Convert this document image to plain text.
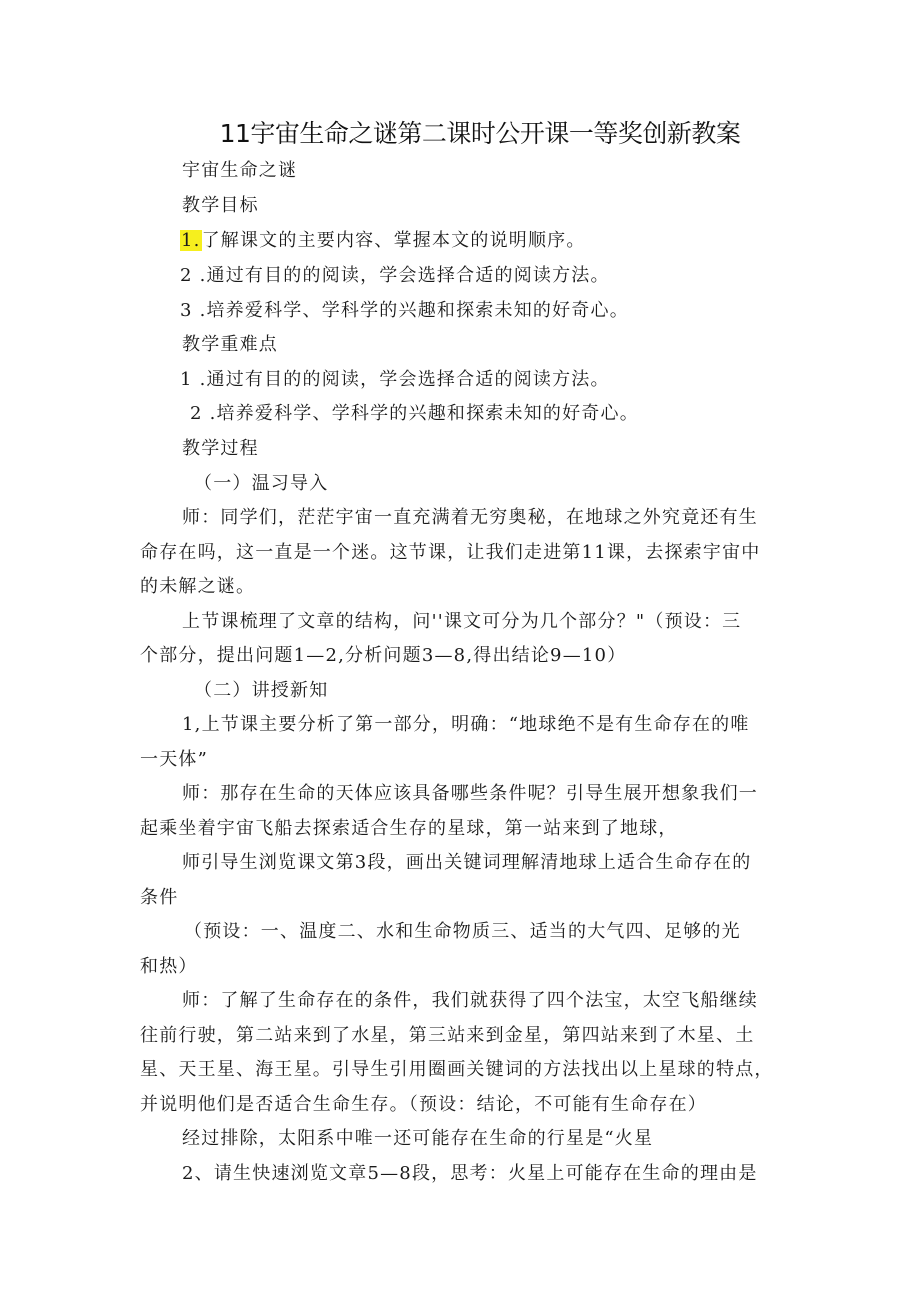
11宇宙生命之谜第二课时公开课一等奖创新教案
宇宙生命之谜
教学目标
1.了解课文的主要内容、掌握本文的说明顺序。
2 .通过有目的的阅读，学会选择合适的阅读方法。
3 .培养爱科学、学科学的兴趣和探索未知的好奇心。
教学重难点
1 .通过有目的的阅读，学会选择合适的阅读方法。
2 .培养爱科学、学科学的兴趣和探索未知的好奇心。
教学过程
（一）温习导入
师：同学们，茫茫宇宙一直充满着无穷奥秘，在地球之外究竟还有生
命存在吗，这一直是一个迷。这节课，让我们走进第11课，去探索宇宙中
的未解之谜。
上节课梳理了文章的结构，问''课文可分为几个部分？"（预设：三
个部分，提出问题1—2,分析问题3—8,得出结论9—10）
（二）讲授新知
1,上节课主要分析了第一部分，明确：“地球绝不是有生命存在的唯
一天体”
师：那存在生命的天体应该具备哪些条件呢？引导生展开想象我们一
起乘坐着宇宙飞船去探索适合生存的星球，第一站来到了地球，
师引导生浏览课文第3段，画出关键词理解清地球上适合生命存在的
条件
（预设：一、温度二、水和生命物质三、适当的大气四、足够的光
和热）
师：了解了生命存在的条件，我们就获得了四个法宝，太空飞船继续
往前行驶，第二站来到了水星，第三站来到金星，第四站来到了木星、土
星、天王星、海王星。引导生引用圈画关键词的方法找出以上星球的特点，
并说明他们是否适合生命生存。（预设：结论，不可能有生命存在）
经过排除，太阳系中唯一还可能存在生命的行星是“火星
2、请生快速浏览文章5—8段，思考：火星上可能存在生命的理由是
